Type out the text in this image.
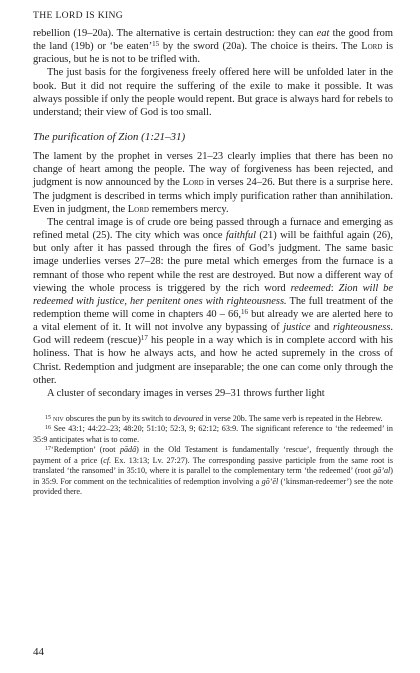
THE LORD IS KING

rebellion (19–20a). The alternative is certain destruction: they can eat the good from the land (19b) or ‘be eaten’$^{15}$ by the sword (20a). The choice is theirs. The Lord is gracious, but he is not to be trifled with.

The just basis for the forgiveness freely offered here will be unfolded later in the book. But it did not require the suffering of the exile to make it possible. It was always possible if only the people would repent. But grace is always hard for rebels to understand; their view of God is too small.

The purification of Zion (1:21–31)

The lament by the prophet in verses 21–23 clearly implies that there has been no change of heart among the people. The way of forgiveness has been rejected, and judgment is now announced by the Lord in verses 24–26. But there is a surprise here. The judgment is described in terms which imply purification rather than annihilation. Even in judgment, the Lord remembers mercy.

The central image is of crude ore being passed through a furnace and emerging as refined metal (25). The city which was once faithful (21) will be faithful again (26), but only after it has passed through the fires of God’s judgment. The same basic image underlies verses 27–28: the pure metal which emerges from the furnace is a remnant of those who repent while the rest are destroyed. But now a different way of viewing the whole process is triggered by the rich word redeemed: Zion will be redeemed with justice, her penitent ones with righteousness. The full treatment of the redemption theme will come in chapters 40 – 66,16 but already we are alerted here to a vital element of it. It will not involve any bypassing of justice and righteousness. God will redeem (rescue)$^{17}$ his people in a way which is in complete accord with his holiness. That is how he always acts, and how he acted supremely in the cross of Christ. Redemption and judgment are inseparable; the one can come only through the other.

A cluster of secondary images in verses 29–31 throws further light

$^{15}$ niv obscures the pun by its switch to devoured in verse 20b. The same verb is repeated in the Hebrew.

$^{16}$ See 43:1; 44:22–23; 48:20; 51:10; 52:3, 9; 62:12; 63:9. The significant reference to ‘the redeemed’ in 35:9 anticipates what is to come.

$^{17}$‘Redemption’ (root pādâ) in the Old Testament is fundamentally ‘rescue’, frequently through the payment of a price (cf. Ex. 13:13; Lv. 27:27). The corresponding passive participle from the same root is translated ‘the ransomed’ in 35:10, where it is parallel to the complementary term ‘the redeemed’ (root gā’al) in 35:9. For comment on the technicalities of redemption involving a gō’ēl (‘kinsman-redeemer’) see the note provided there.

44
